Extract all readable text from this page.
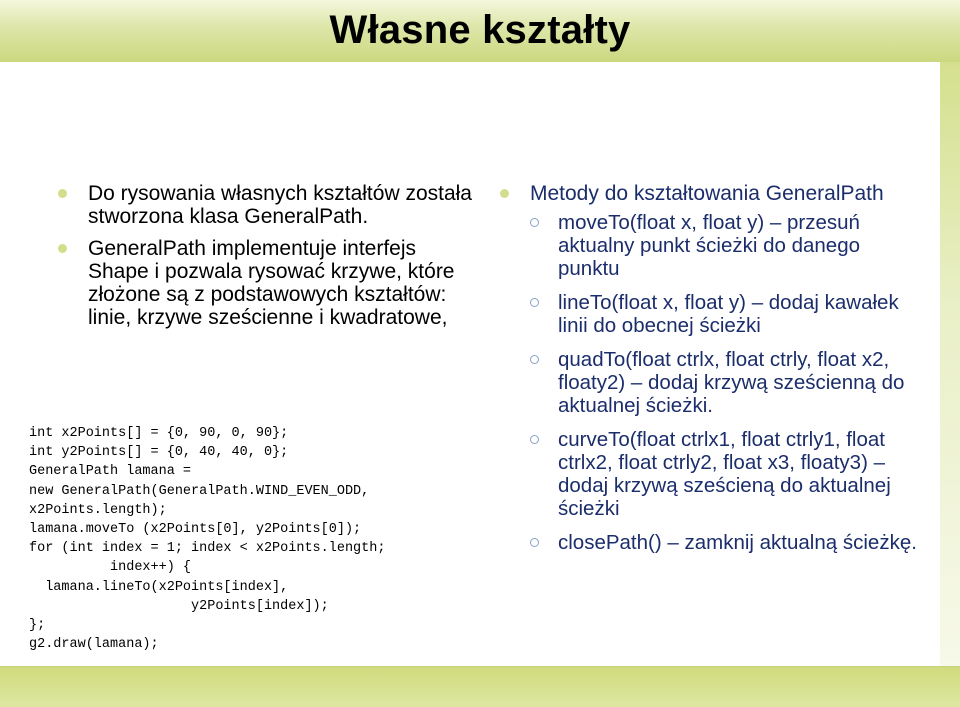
Własne kształty
Do rysowania własnych kształtów została stworzona klasa GeneralPath.
GeneralPath implementuje interfejs Shape i pozwala rysować krzywe, które złożone są z podstawowych kształtów: linie, krzywe sześcienne i kwadratowe,
int x2Points[] = {0, 90, 0, 90};
int y2Points[] = {0, 40, 40, 0};
GeneralPath lamana =
new GeneralPath(GeneralPath.WIND_EVEN_ODD,
x2Points.length);
lamana.moveTo (x2Points[0], y2Points[0]);
for (int index = 1; index < x2Points.length;
index++) {
lamana.lineTo(x2Points[index],
y2Points[index]);
};
g2.draw(lamana);
Metody do kształtowania GeneralPath
moveTo(float x, float y) – przesuń aktualny punkt ścieżki do danego punktu
lineTo(float x, float y) – dodaj kawałek linii do obecnej ścieżki
quadTo(float ctrlx, float ctrly, float x2, floaty2) – dodaj krzywą sześcienną do aktualnej ścieżki.
curveTo(float ctrlx1, float ctrly1, float ctrlx2, float ctrly2, float x3, floaty3) – dodaj krzywą sześcieną do aktualnej ścieżki
closePath() – zamknij aktualną ścieżkę.
